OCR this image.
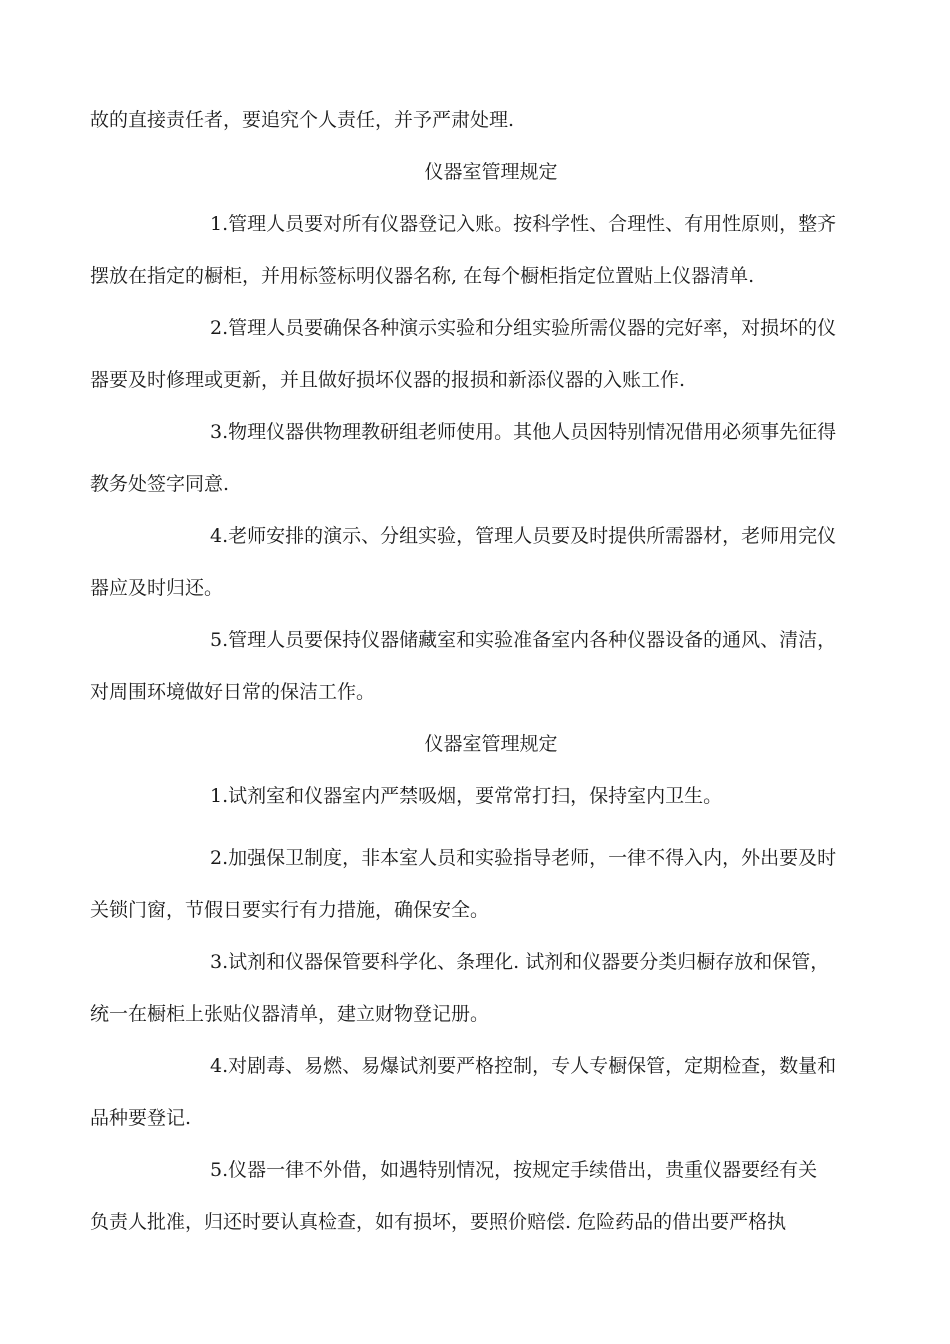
故的直接责任者，要追究个人责任，并予严肃处理.

仪器室管理规定

1.管理人员要对所有仪器登记入账。按科学性、合理性、有用性原则，整齐

摆放在指定的橱柜，并用标签标明仪器名称, 在每个橱柜指定位置贴上仪器清单.

2.管理人员要确保各种演示实验和分组实验所需仪器的完好率，对损坏的仪

器要及时修理或更新，并且做好损坏仪器的报损和新添仪器的入账工作.

3.物理仪器供物理教研组老师使用。其他人员因特别情况借用必须事先征得

教务处签字同意.

4.老师安排的演示、分组实验，管理人员要及时提供所需器材，老师用完仪

器应及时归还。

5.管理人员要保持仪器储藏室和实验准备室内各种仪器设备的通风、清洁，

对周围环境做好日常的保洁工作。

仪器室管理规定

1.试剂室和仪器室内严禁吸烟，要常常打扫，保持室内卫生。

2.加强保卫制度，非本室人员和实验指导老师，一律不得入内，外出要及时

关锁门窗，节假日要实行有力措施，确保安全。

3.试剂和仪器保管要科学化、条理化. 试剂和仪器要分类归橱存放和保管，

统一在橱柜上张贴仪器清单，建立财物登记册。

4.对剧毒、易燃、易爆试剂要严格控制，专人专橱保管，定期检查，数量和

品种要登记.

5.仪器一律不外借，如遇特别情况，按规定手续借出，贵重仪器要经有关

负责人批准，归还时要认真检查，如有损坏，要照价赔偿. 危险药品的借出要严格执
